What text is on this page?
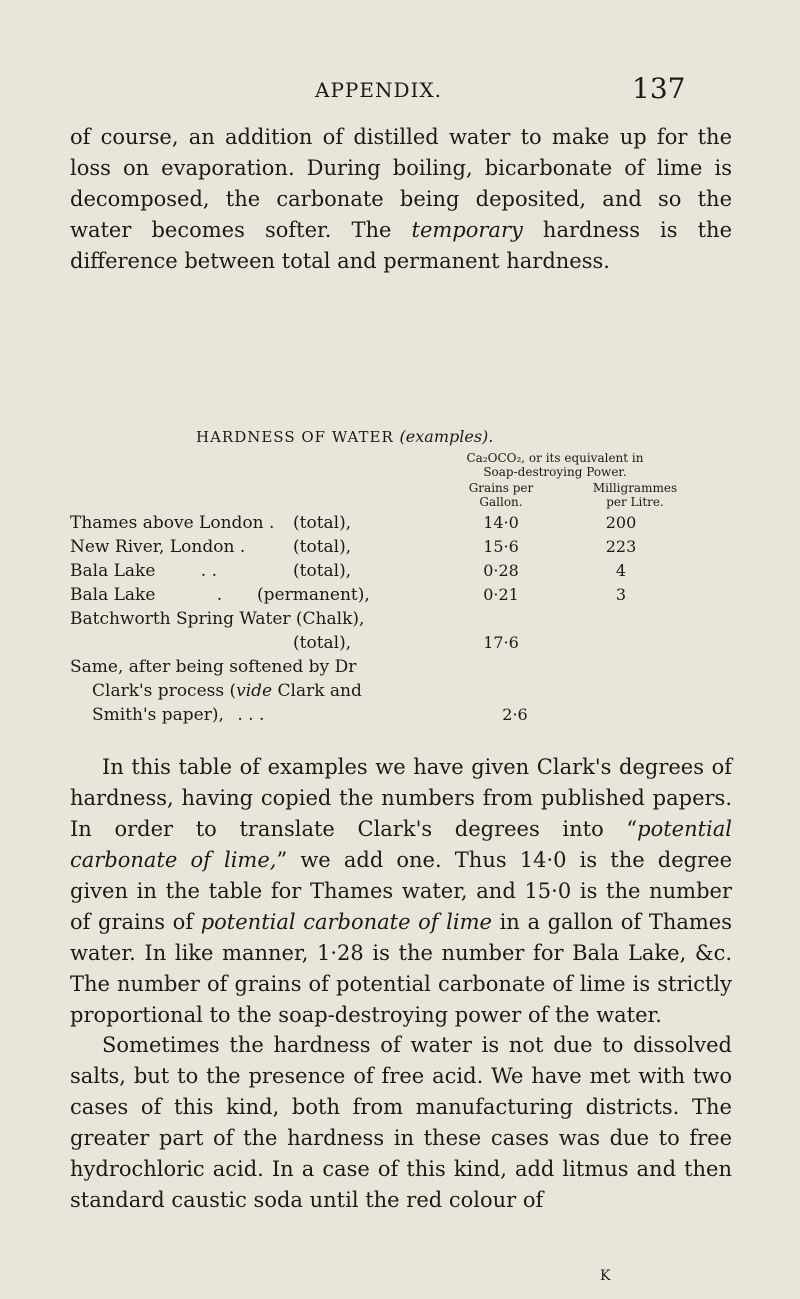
APPENDIX.	137

of course, an addition of distilled water to make up for the loss on evaporation. During boiling, bicarbonate of lime is decomposed, the carbonate being deposited, and so the water becomes softer. The temporary hardness is the difference between total and permanent hardness.

HARDNESS OF WATER (examples).
Ca₂OCO₂, or its equivalent in
Soap-destroying Power.
Grains per
Gallon.
Milligrammes
per Litre.
Thames above London . (total),	14·0	200
New River, London .	(total),	15·6	223
Bala Lake	. .	(total),	0·28	4
Bala Lake	. (permanent),	0·21	3
Batchworth Spring Water (Chalk),
(total),	17·6
Same, after being softened by Dr
Clark's process (vide Clark and
Smith's paper), . . .	2·6

In this table of examples we have given Clark's degrees of hardness, having copied the numbers from published papers. In order to translate Clark's degrees into “potential carbonate of lime,” we add one. Thus 14·0 is the degree given in the table for Thames water, and 15·0 is the number of grains of potential carbonate of lime in a gallon of Thames water. In like manner, 1·28 is the number for Bala Lake, &c. The number of grains of potential carbonate of lime is strictly proportional to the soap-destroying power of the water.

Sometimes the hardness of water is not due to dissolved salts, but to the presence of free acid. We have met with two cases of this kind, both from manufacturing districts. The greater part of the hardness in these cases was due to free hydrochloric acid. In a case of this kind, add litmus and then standard caustic soda until the red colour of

K
